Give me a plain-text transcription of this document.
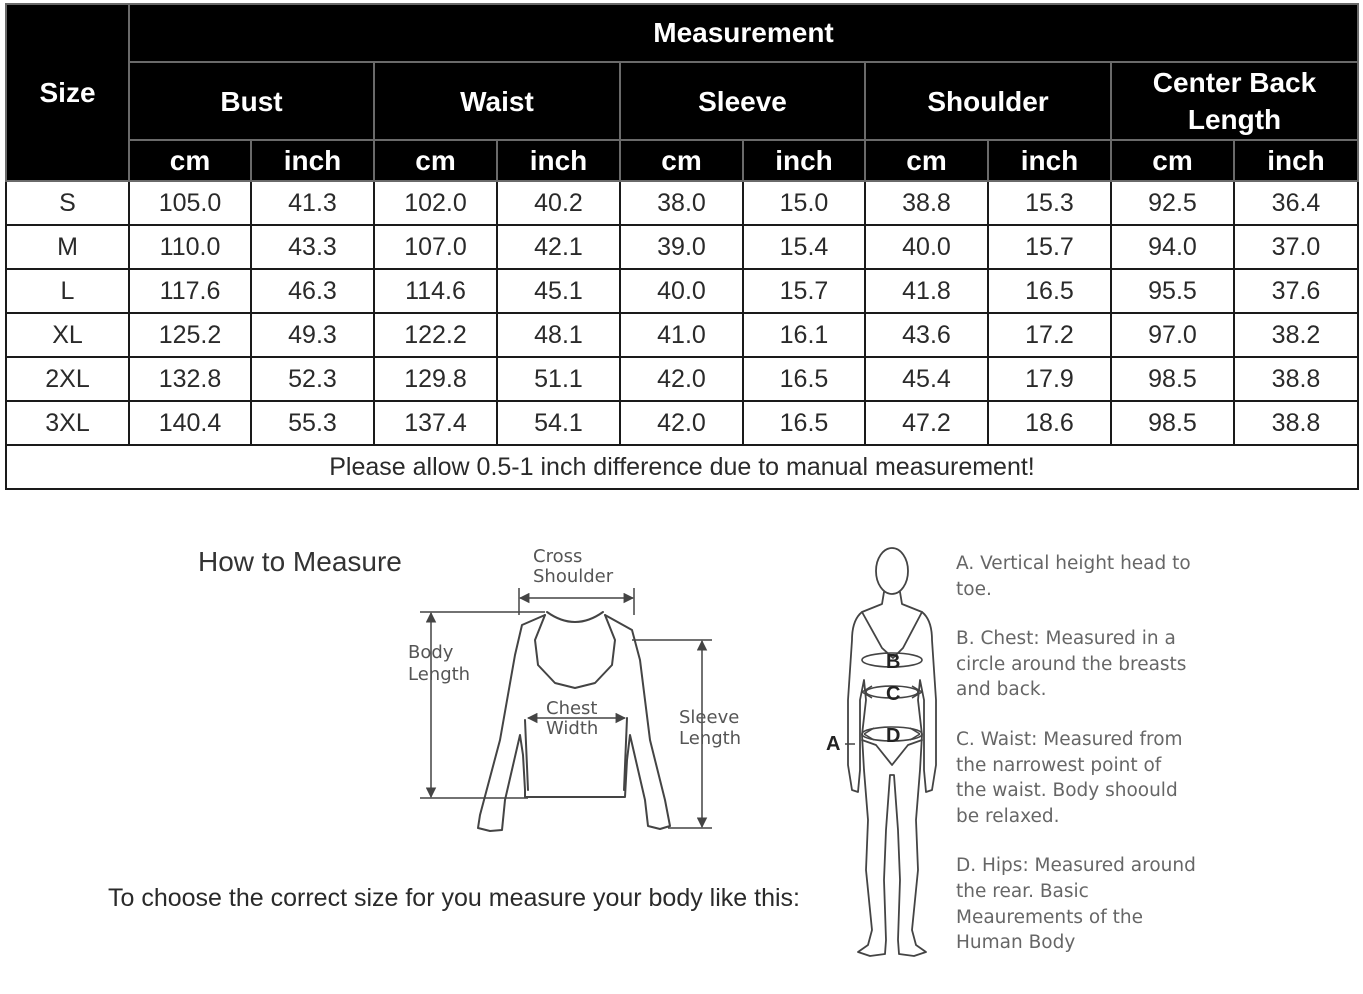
Size	Measurement									
	Bust		Waist		Sleeve		Shoulder		Center Back Length	
	cm	inch	cm	inch	cm	inch	cm	inch	cm	inch
S	105.0	41.3	102.0	40.2	38.0	15.0	38.8	15.3	92.5	36.4
M	110.0	43.3	107.0	42.1	39.0	15.4	40.0	15.7	94.0	37.0
L	117.6	46.3	114.6	45.1	40.0	15.7	41.8	16.5	95.5	37.6
XL	125.2	49.3	122.2	48.1	41.0	16.1	43.6	17.2	97.0	38.2
2XL	132.8	52.3	129.8	51.1	42.0	16.5	45.4	17.9	98.5	38.8
3XL	140.4	55.3	137.4	54.1	42.0	16.5	47.2	18.6	98.5	38.8
Please allow 0.5-1 inch difference due to manual measurement!										
How to Measure	Cross
Shoulder
Body
Length
Chest
Width
Sleeve
Length	A
B
C
D
A. Vertical height head to toe.
B. Chest: Measured in a circle around the breasts and back.
C. Waist: Measured from the narrowest point of the waist. Body shoould be relaxed.
D. Hips: Measured around the rear. Basic Meaurements of the Human Body
To choose the correct size for you measure your body like this:
